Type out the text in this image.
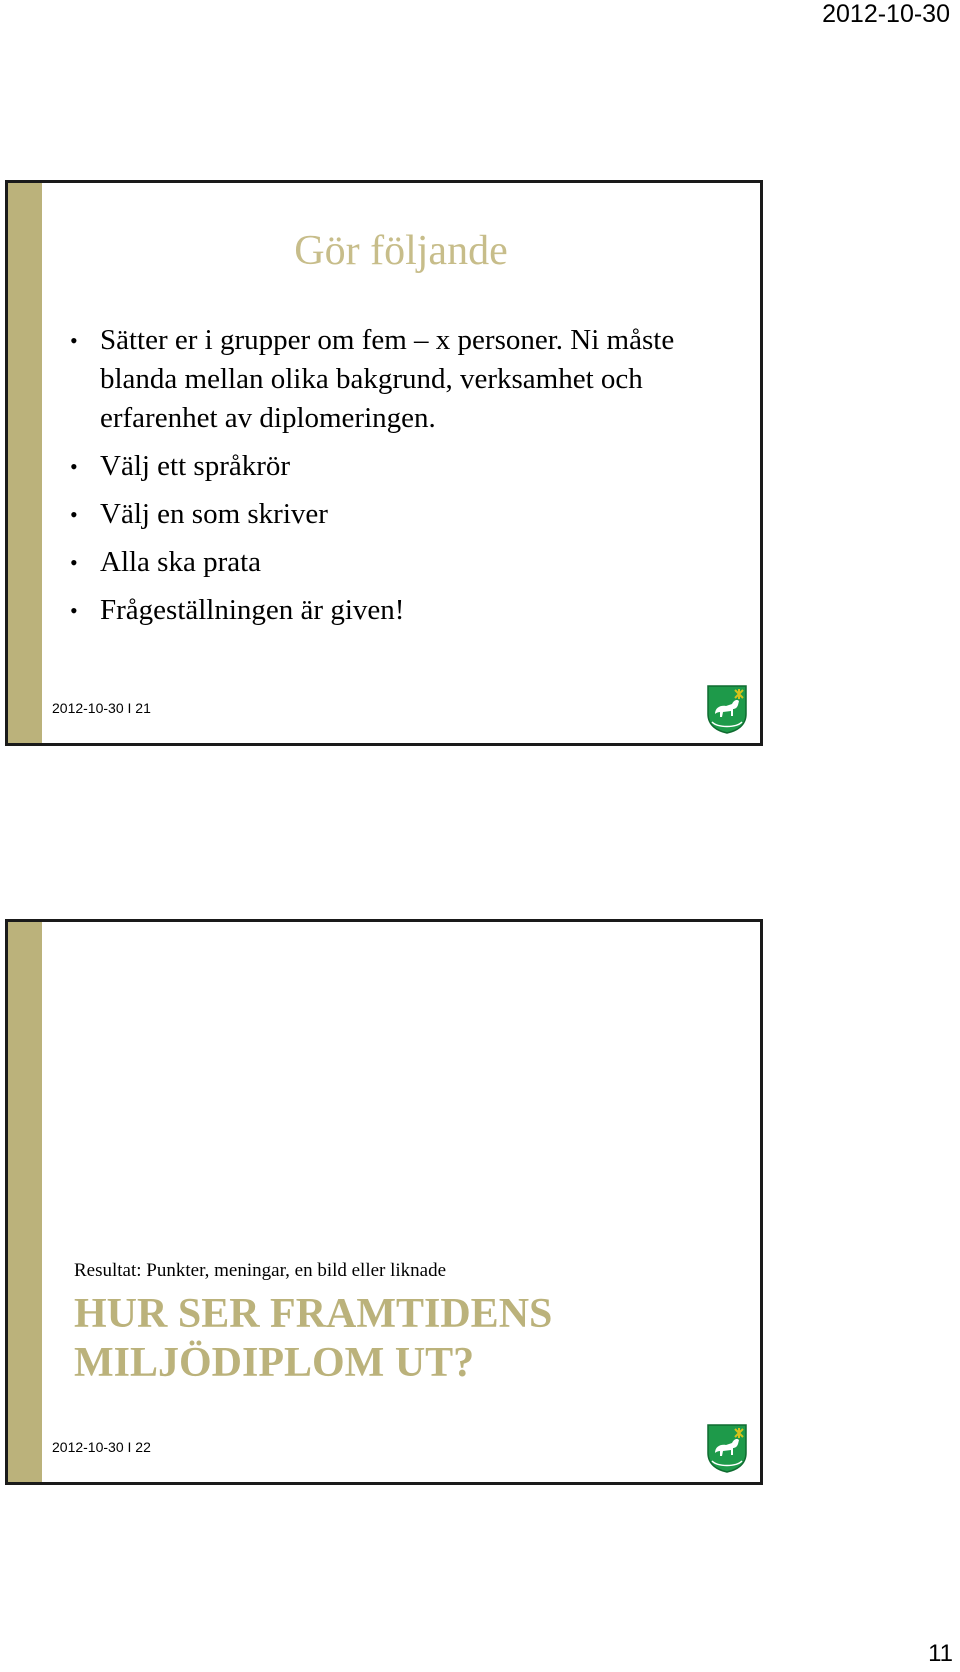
2012-10-30
Gör följande
• Sätter er i grupper om fem – x personer. Ni måste blanda mellan olika bakgrund, verksamhet och erfarenhet av diplomeringen.
• Välj ett språkrör
• Välj en som skriver
• Alla ska prata
• Frågeställningen är given!
2012-10-30 I 21
Resultat: Punkter, meningar, en bild eller liknade
HUR SER FRAMTIDENS
MILJÖDIPLOM UT?
2012-10-30 I 22
11
